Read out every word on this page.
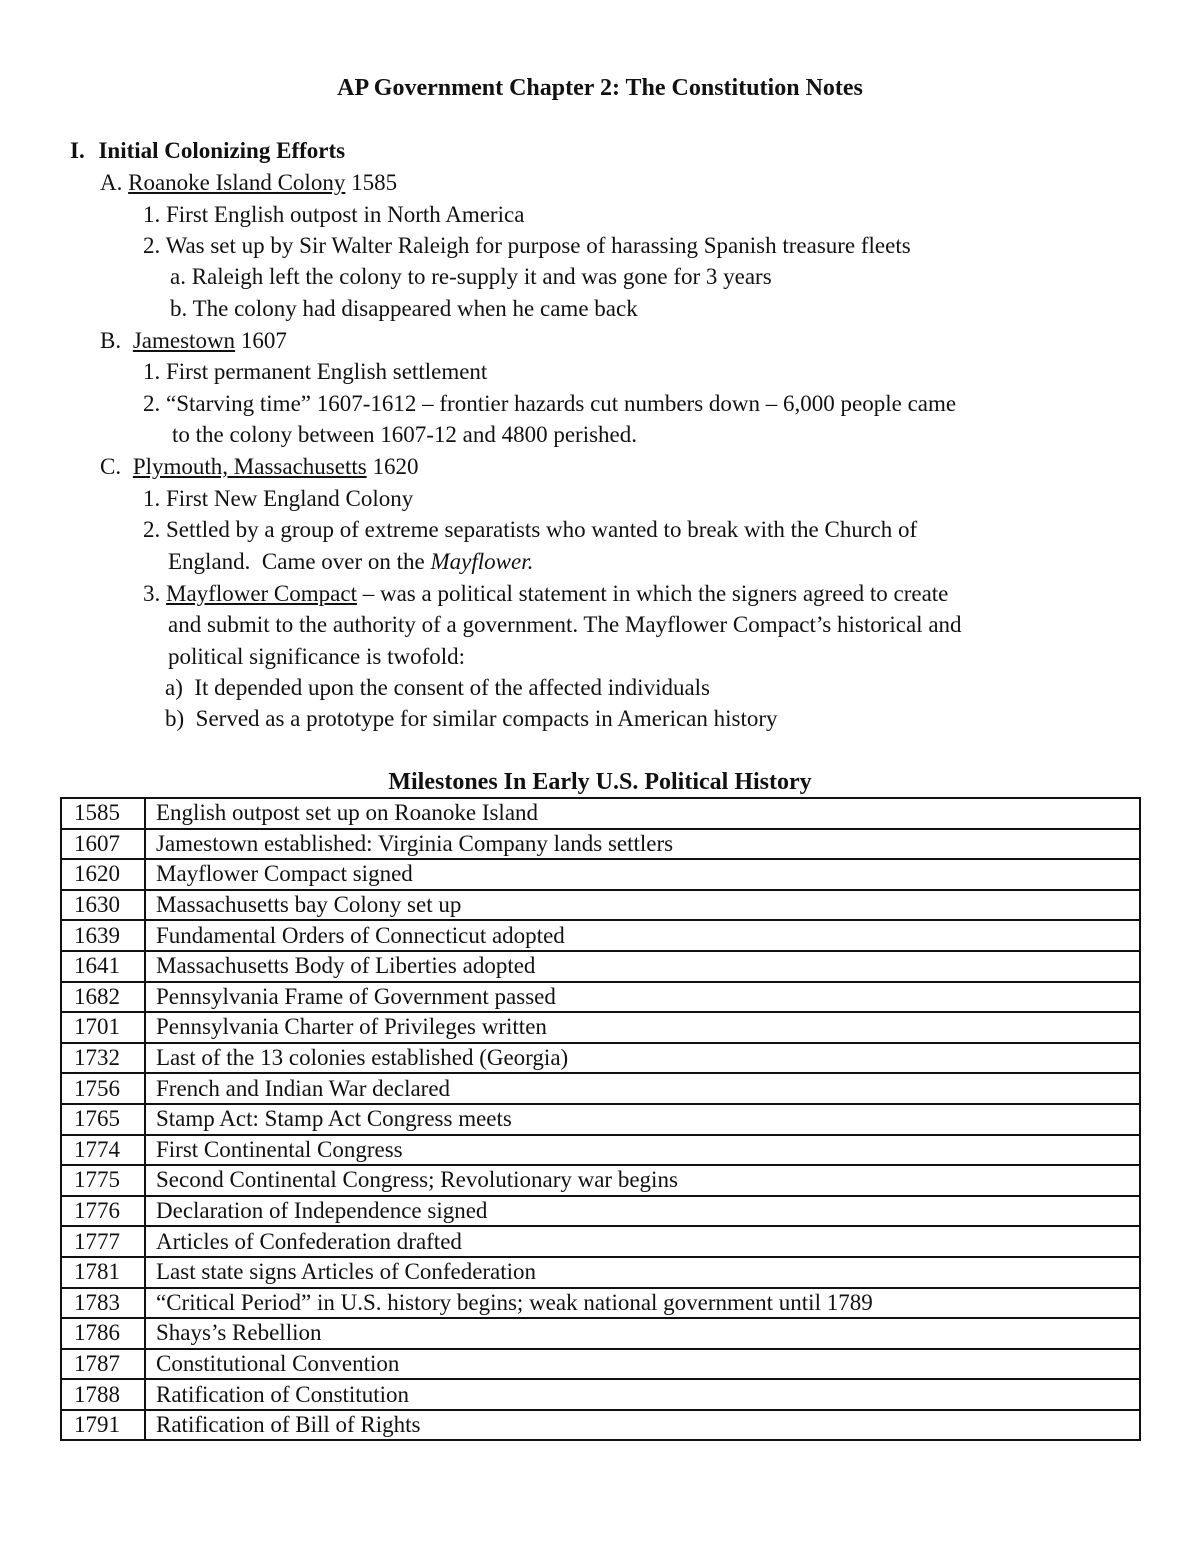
AP Government Chapter 2: The Constitution Notes
I. Initial Colonizing Efforts
A. Roanoke Island Colony 1585
1. First English outpost in North America
2. Was set up by Sir Walter Raleigh for purpose of harassing Spanish treasure fleets
a. Raleigh left the colony to re-supply it and was gone for 3 years
b. The colony had disappeared when he came back
B. Jamestown 1607
1. First permanent English settlement
2. “Starving time” 1607-1612 – frontier hazards cut numbers down – 6,000 people came
to the colony between 1607-12 and 4800 perished.
C. Plymouth, Massachusetts 1620
1. First New England Colony
2. Settled by a group of extreme separatists who wanted to break with the Church of
England.  Came over on the Mayflower.
3. Mayflower Compact – was a political statement in which the signers agreed to create
and submit to the authority of a government. The Mayflower Compact’s historical and
political significance is twofold:
a)  It depended upon the consent of the affected individuals
b)  Served as a prototype for similar compacts in American history
Milestones In Early U.S. Political History
1585	English outpost set up on Roanoke Island
1607	Jamestown established: Virginia Company lands settlers
1620	Mayflower Compact signed
1630	Massachusetts bay Colony set up
1639	Fundamental Orders of Connecticut adopted
1641	Massachusetts Body of Liberties adopted
1682	Pennsylvania Frame of Government passed
1701	Pennsylvania Charter of Privileges written
1732	Last of the 13 colonies established (Georgia)
1756	French and Indian War declared
1765	Stamp Act: Stamp Act Congress meets
1774	First Continental Congress
1775	Second Continental Congress; Revolutionary war begins
1776	Declaration of Independence signed
1777	Articles of Confederation drafted
1781	Last state signs Articles of Confederation
1783	“Critical Period” in U.S. history begins; weak national government until 1789
1786	Shays’s Rebellion
1787	Constitutional Convention
1788	Ratification of Constitution
1791	Ratification of Bill of Rights
